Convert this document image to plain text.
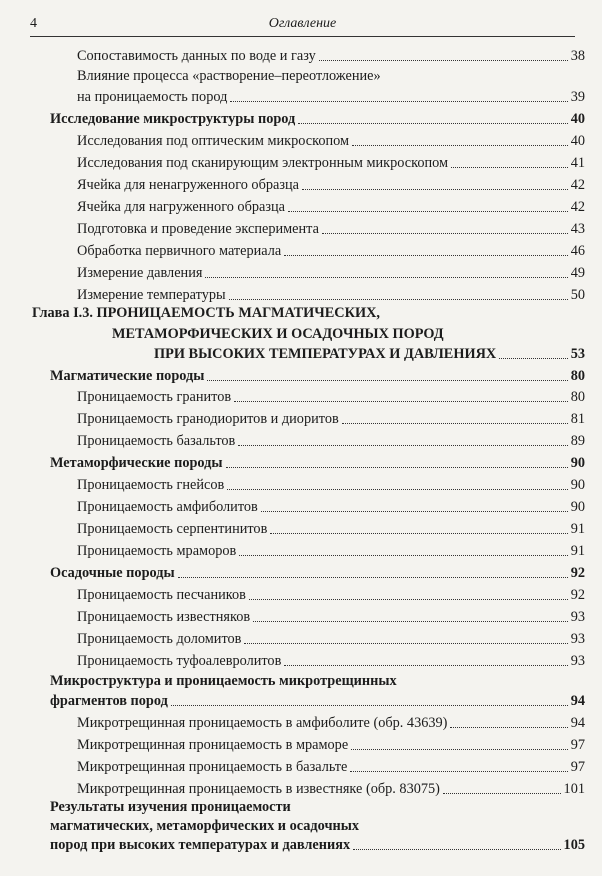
4	Оглавление
Сопоставимость данных по воде и газу	38
Влияние процесса «растворение–переотложение»
на проницаемость пород	39
Исследование микроструктуры пород	40
Исследования под оптическим микроскопом	40
Исследования под сканирующим электронным микроскопом	41
Ячейка для ненагруженного образца	42
Ячейка для нагруженного образца	42
Подготовка и проведение эксперимента	43
Обработка первичного материала	46
Измерение давления	49
Измерение температуры	50
Глава I.3. ПРОНИЦАЕМОСТЬ МАГМАТИЧЕСКИХ,
МЕТАМОРФИЧЕСКИХ И ОСАДОЧНЫХ ПОРОД
ПРИ ВЫСОКИХ ТЕМПЕРАТУРАХ И ДАВЛЕНИЯХ	53
Магматические породы	80
Проницаемость гранитов	80
Проницаемость гранодиоритов и диоритов	81
Проницаемость базальтов	89
Метаморфические породы	90
Проницаемость гнейсов	90
Проницаемость амфиболитов	90
Проницаемость серпентинитов	91
Проницаемость мраморов	91
Осадочные породы	92
Проницаемость песчаников	92
Проницаемость известняков	93
Проницаемость доломитов	93
Проницаемость туфоалевролитов	93
Микроструктура и проницаемость микротрещинных
фрагментов пород	94
Микротрещинная проницаемость в амфиболите (обр. 43639)	94
Микротрещинная проницаемость в мраморе	97
Микротрещинная проницаемость в базальте	97
Микротрещинная проницаемость в известняке (обр. 83075)	101
Результаты изучения проницаемости
магматических, метаморфических и осадочных
пород при высоких температурах и давлениях	105
